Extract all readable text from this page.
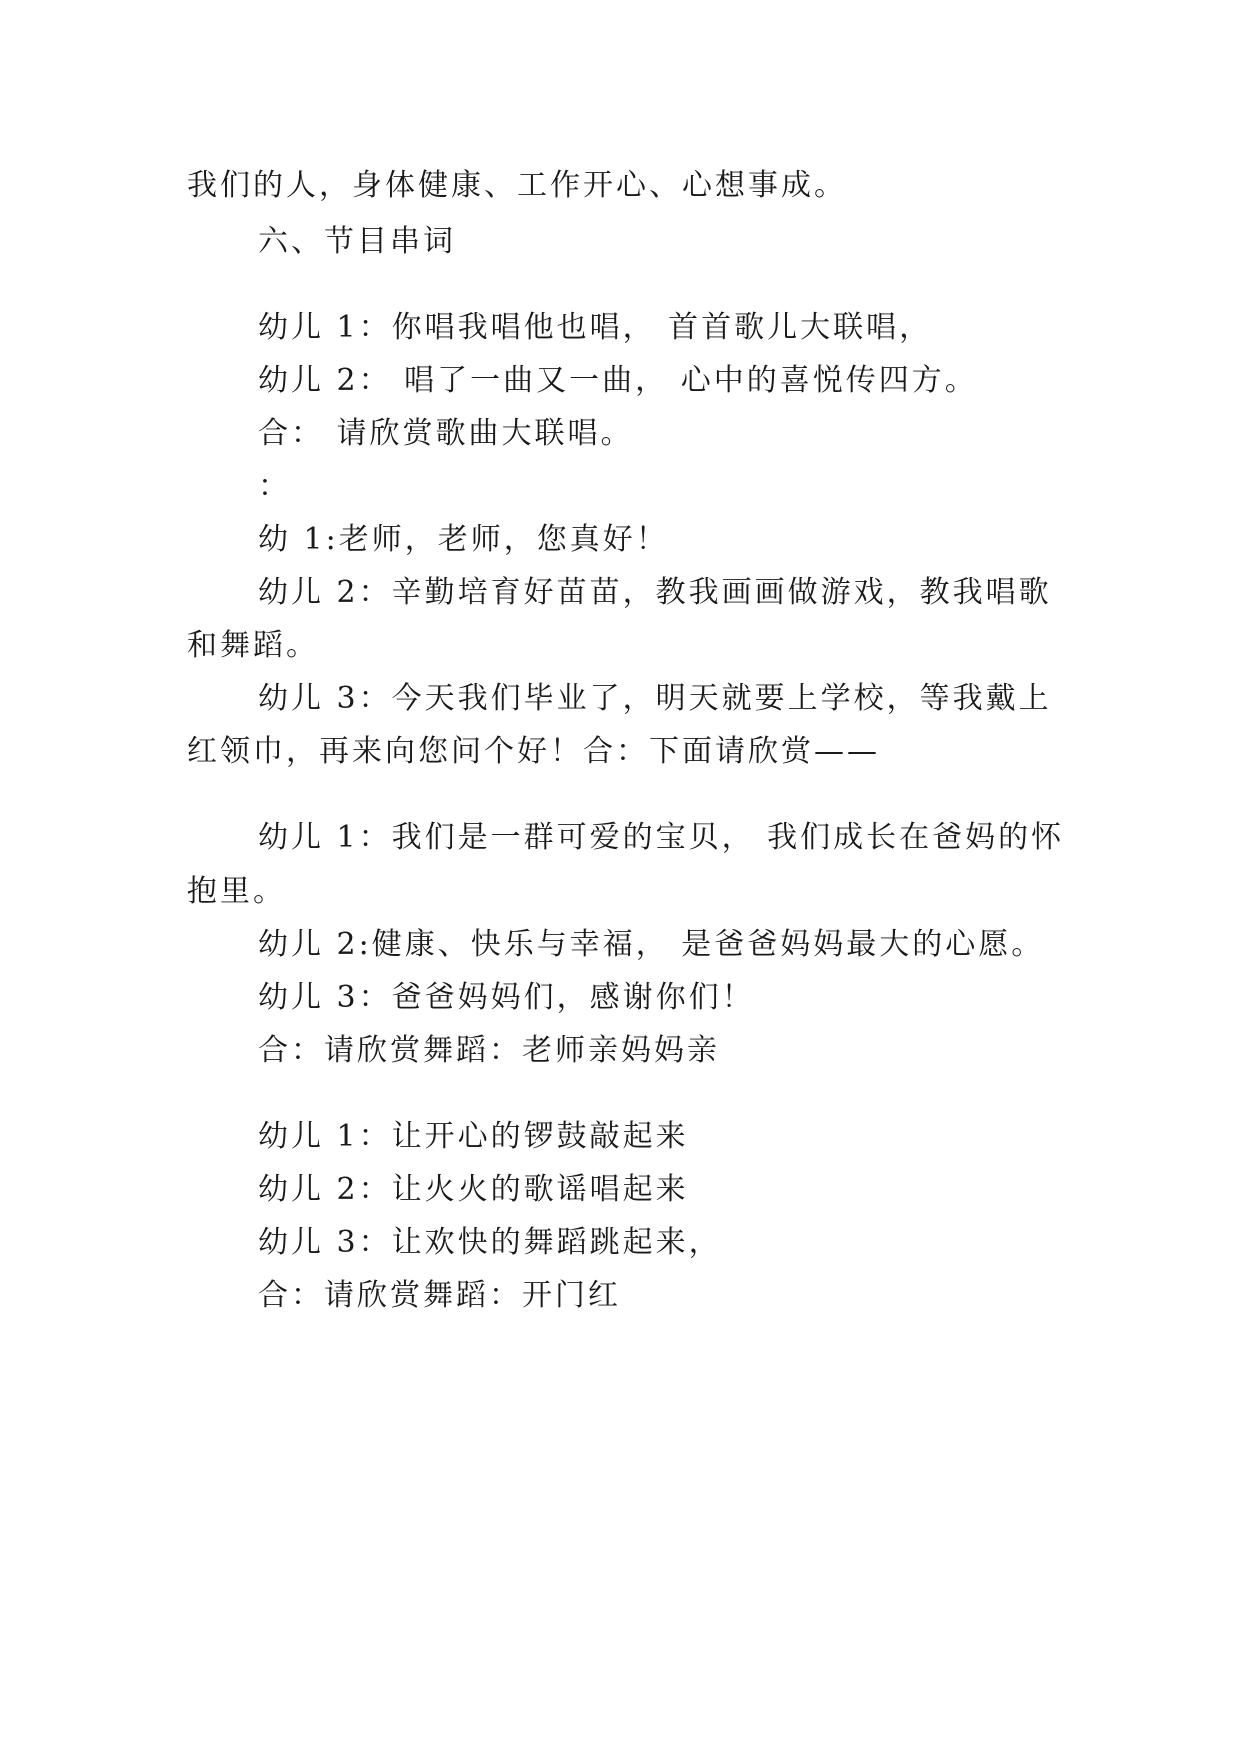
我们的人，身体健康、工作开心、心想事成。
六、节目串词
幼儿 1：你唱我唱他也唱， 首首歌儿大联唱，
幼儿 2： 唱了一曲又一曲， 心中的喜悦传四方。
合： 请欣赏歌曲大联唱。
：
幼 1:老师，老师，您真好！
幼儿 2：辛勤培育好苗苗，教我画画做游戏，教我唱歌
和舞蹈。
幼儿 3：今天我们毕业了，明天就要上学校，等我戴上
红领巾，再来向您问个好！合：下面请欣赏——
幼儿 1：我们是一群可爱的宝贝， 我们成长在爸妈的怀
抱里。
幼儿 2:健康、快乐与幸福， 是爸爸妈妈最大的心愿。
幼儿 3：爸爸妈妈们，感谢你们！
合：请欣赏舞蹈：老师亲妈妈亲
幼儿 1：让开心的锣鼓敲起来
幼儿 2：让火火的歌谣唱起来
幼儿 3：让欢快的舞蹈跳起来，
合：请欣赏舞蹈：开门红
